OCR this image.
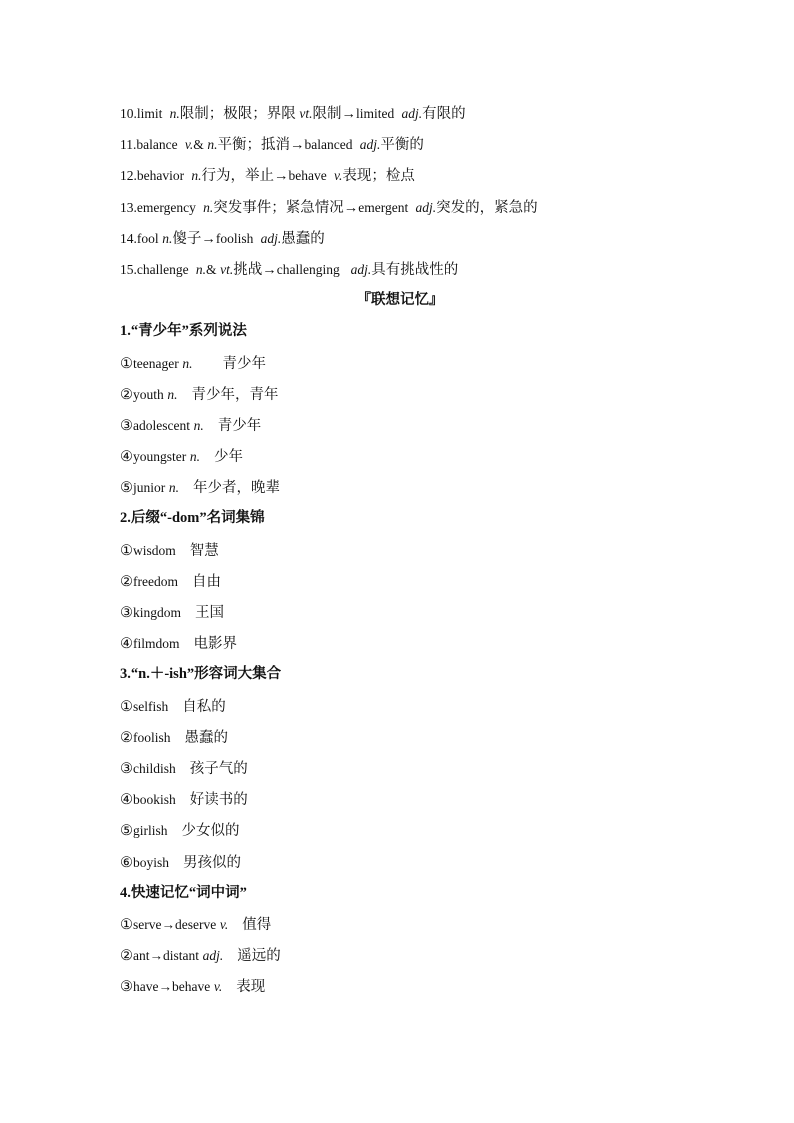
10.limit n.限制；极限；界限 vt.限制→limited adj.有限的
11.balance v.& n.平衡；抵消→balanced adj.平衡的
12.behavior n.行为，举止→behave v.表现；检点
13.emergency n.突发事件；紧急情况→emergent adj.突发的，紧急的
14.fool n.傻子→foolish adj.愚蠢的
15.challenge n.& vt.挑战→challenging adj.具有挑战性的
『联想记忆』
1.“青少年”系列说法
①teenager n. 青少年
②youth n. 青少年，青年
③adolescent n. 青少年
④youngster n. 少年
⑤junior n. 年少者，晚辈
2.后缀“-dom”名词集锦
①wisdom 智慧
②freedom 自由
③kingdom 王国
④filmdom 电影界
3.“n.＋-ish”形容词大集合
①selfish 自私的
②foolish 愚蠢的
③childish 孩子气的
④bookish 好读书的
⑤girlish 少女似的
⑥boyish 男孩似的
4.快速记忆“词中词”
①serve→deserve v. 值得
②ant→distant adj. 遥远的
③have→behave v. 表现
